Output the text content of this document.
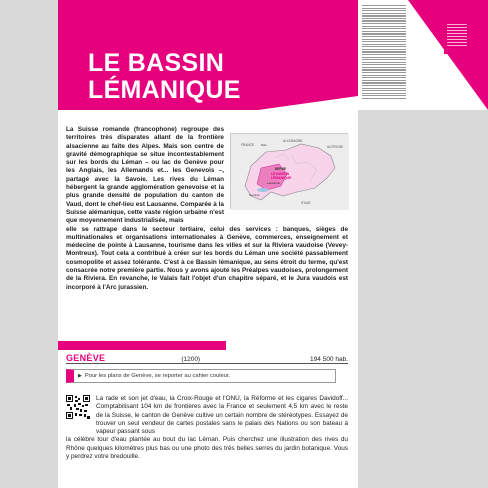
LE BASSIN
LÉMANIQUE
ALLEMAGNE
FRANCE	AUTRICHE
Bâle
BERNE
LE BASSIN
LÉMANIQUE
Lausanne
Genève
ITALIE

La Suisse romande (francophone) regroupe des territoires très disparates allant de la frontière alsacienne au faîte des Alpes. Mais son centre de gravité démographique se situe incontestablement sur les bords du Léman – ou lac de Genève pour les Anglais, les Allemands et... les Genevois –, partagé avec la Savoie. Les rives du Léman hébergent la grande agglomération genevoise et la plus grande densité de population du canton de Vaud, dont le chef-lieu est Lausanne. Comparée à la Suisse alémanique, cette vaste région urbaine n'est que moyennement industrialisée, mais

elle se rattrape dans le secteur tertiaire, celui des services : banques, sièges de multinationales et organisations internationales à Genève, commerces, enseignement et médecine de pointe à Lausanne, tourisme dans les villes et sur la Riviera vaudoise (Vevey-Montreux). Tout cela a contribué à créer sur les bords du Léman une société passablement cosmopolite et assez tolérante. C'est à ce Bassin lémanique, au sens étroit du terme, qu'est consacrée notre première partie. Nous y avons ajouté les Préalpes vaudoises, prolongement de la Riviera. En revanche, le Valais fait l'objet d'un chapitre séparé, et le Jura vaudois est incorporé à l'Arc jurassien.

GENÈVE	(1200)	194 500 hab.
▶ Pour les plans de Genève, se reporter au cahier couleur.

La rade et son jet d'eau, la Croix-Rouge et l'ONU, la Réforme et les cigares Davidoff... Comptabilisant 104 km de frontières avec la France et seulement 4,5 km avec le reste de la Suisse, le canton de Genève cultive un certain nombre de stéréotypes. Essayez de trouver un seul vendeur de cartes postales sans le palais des Nations ou son bateau à vapeur passant sous

la célèbre tour d'eau plantée au bout du lac Léman. Puis cherchez une illustration des rives du Rhône quelques kilomètres plus bas ou une photo des très belles serres du jardin botanique. Vous y perdrez votre bredouille.
